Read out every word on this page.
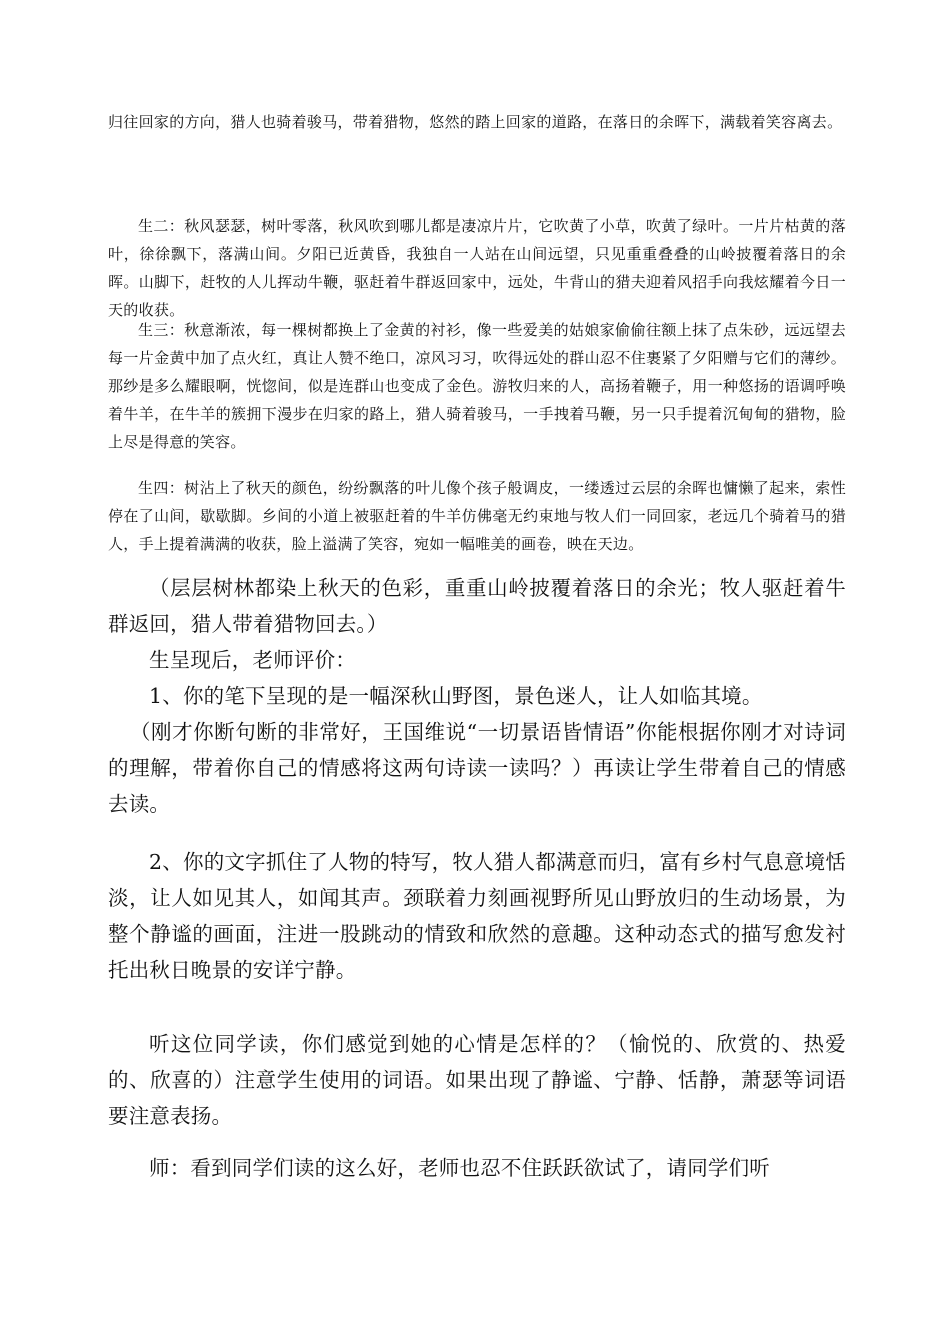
归往回家的方向，猎人也骑着骏马，带着猎物，悠然的踏上回家的道路，在落日的余晖下，满载着笑容离去。

生二：秋风瑟瑟，树叶零落，秋风吹到哪儿都是凄凉片片，它吹黄了小草，吹黄了绿叶。一片片枯黄的落叶，徐徐飘下，落满山间。夕阳已近黄昏，我独自一人站在山间远望，只见重重叠叠的山岭披覆着落日的余晖。山脚下，赶牧的人儿挥动牛鞭，驱赶着牛群返回家中，远处，牛背山的猎夫迎着风招手向我炫耀着今日一天的收获。

生三：秋意渐浓，每一棵树都换上了金黄的衬衫，像一些爱美的姑娘家偷偷往额上抹了点朱砂，远远望去每一片金黄中加了点火红，真让人赞不绝口，凉风习习，吹得远处的群山忍不住裹紧了夕阳赠与它们的薄纱。那纱是多么耀眼啊，恍惚间，似是连群山也变成了金色。游牧归来的人，高扬着鞭子，用一种悠扬的语调呼唤着牛羊，在牛羊的簇拥下漫步在归家的路上，猎人骑着骏马，一手拽着马鞭，另一只手提着沉甸甸的猎物，脸上尽是得意的笑容。

生四：树沾上了秋天的颜色，纷纷飘落的叶儿像个孩子般调皮，一缕透过云层的余晖也慵懒了起来，索性停在了山间，歇歇脚。乡间的小道上被驱赶着的牛羊仿佛毫无约束地与牧人们一同回家，老远几个骑着马的猎人，手上提着满满的收获，脸上溢满了笑容，宛如一幅唯美的画卷，映在天边。

（层层树林都染上秋天的色彩，重重山岭披覆着落日的余光；牧人驱赶着牛群返回，猎人带着猎物回去。）

生呈现后，老师评价：

1、你的笔下呈现的是一幅深秋山野图，景色迷人，让人如临其境。

（刚才你断句断的非常好，王国维说“一切景语皆情语”你能根据你刚才对诗词的理解，带着你自己的情感将这两句诗读一读吗？）再读让学生带着自己的情感去读。

2、你的文字抓住了人物的特写，牧人猎人都满意而归，富有乡村气息意境恬淡，让人如见其人，如闻其声。颈联着力刻画视野所见山野放归的生动场景，为整个静谧的画面，注进一股跳动的情致和欣然的意趣。这种动态式的描写愈发衬托出秋日晚景的安详宁静。

听这位同学读，你们感觉到她的心情是怎样的？（愉悦的、欣赏的、热爱的、欣喜的）注意学生使用的词语。如果出现了静谧、宁静、恬静，萧瑟等词语要注意表扬。

师：看到同学们读的这么好，老师也忍不住跃跃欲试了，请同学们听
